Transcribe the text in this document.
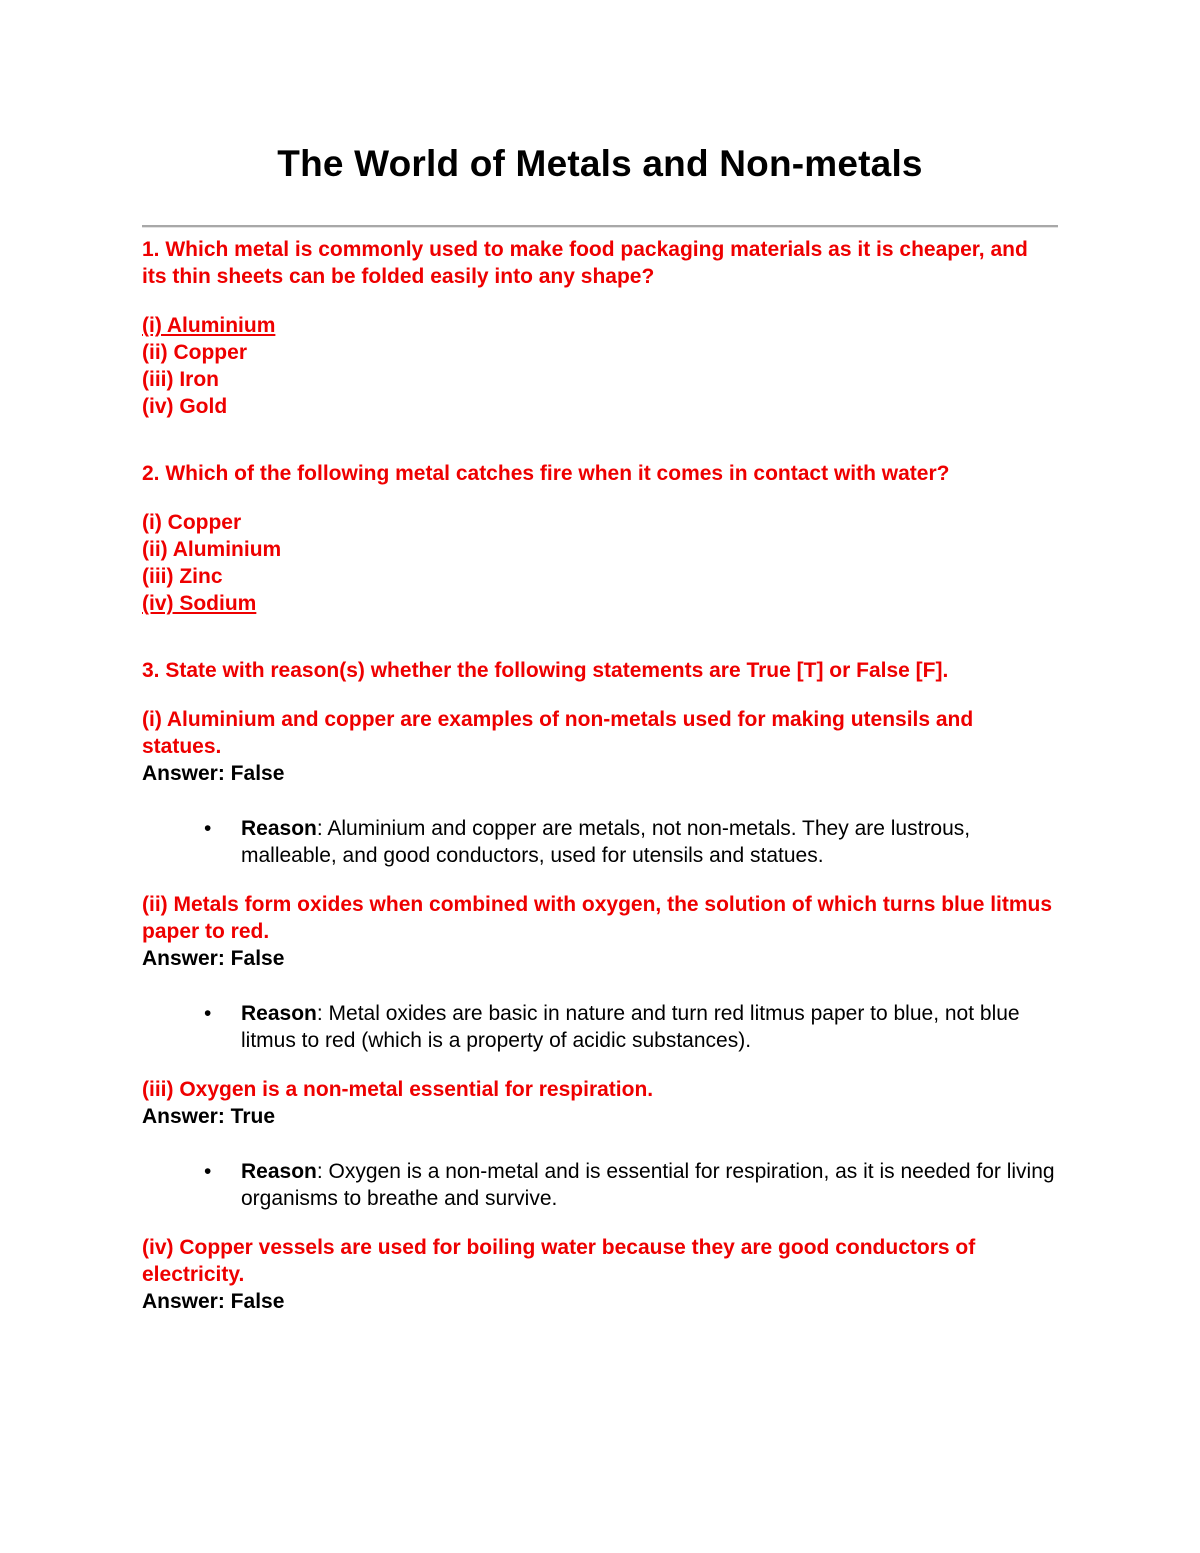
The World of Metals and Non-metals

1. Which metal is commonly used to make food packaging materials as it is cheaper, and its thin sheets can be folded easily into any shape?

(i) Aluminium
(ii) Copper
(iii) Iron
(iv) Gold

2. Which of the following metal catches fire when it comes in contact with water?

(i) Copper
(ii) Aluminium
(iii) Zinc
(iv) Sodium

3. State with reason(s) whether the following statements are True [T] or False [F].

(i) Aluminium and copper are examples of non-metals used for making utensils and statues.
Answer: False
• Reason: Aluminium and copper are metals, not non-metals. They are lustrous, malleable, and good conductors, used for utensils and statues.
(ii) Metals form oxides when combined with oxygen, the solution of which turns blue litmus paper to red.
Answer: False
• Reason: Metal oxides are basic in nature and turn red litmus paper to blue, not blue litmus to red (which is a property of acidic substances).
(iii) Oxygen is a non-metal essential for respiration.
Answer: True
• Reason: Oxygen is a non-metal and is essential for respiration, as it is needed for living organisms to breathe and survive.
(iv) Copper vessels are used for boiling water because they are good conductors of electricity.
Answer: False
